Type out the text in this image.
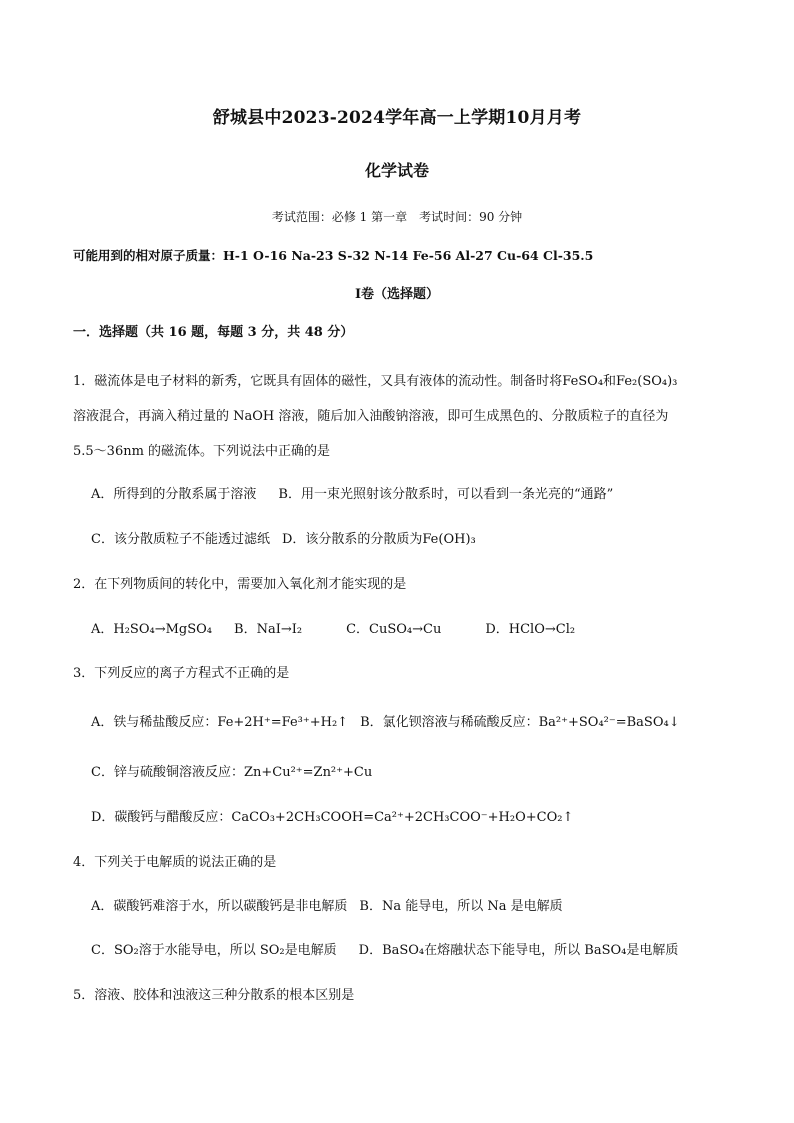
舒城县中2023-2024学年高一上学期10月月考
化学试卷
考试范围：必修 1 第一章　考试时间：90 分钟
可能用到的相对原子质量：H-1 O-16 Na-23 S-32 N-14 Fe-56 Al-27 Cu-64 Cl-35.5
Ⅰ卷（选择题）
一．选择题（共 16 题，每题 3 分，共 48 分）
1．磁流体是电子材料的新秀，它既具有固体的磁性，又具有液体的流动性。制备时将FeSO₄和Fe₂(SO₄)₃
溶液混合，再滴入稍过量的 NaOH 溶液，随后加入油酸钠溶液，即可生成黑色的、分散质粒子的直径为
5.5～36nm 的磁流体。下列说法中正确的是
A．所得到的分散系属于溶液 B．用一束光照射该分散系时，可以看到一条光亮的“通路”
C．该分散质粒子不能透过滤纸 D．该分散系的分散质为Fe(OH)₃
2．在下列物质间的转化中，需要加入氧化剂才能实现的是
A．H₂SO₄→MgSO₄ B．NaI→I₂	C．CuSO₄→Cu	D．HClO→Cl₂
3．下列反应的离子方程式不正确的是
A．铁与稀盐酸反应：Fe+2H⁺=Fe³⁺+H₂↑ B．氯化钡溶液与稀硫酸反应：Ba²⁺+SO₄²⁻=BaSO₄↓
C．锌与硫酸铜溶液反应：Zn+Cu²⁺=Zn²⁺+Cu
D．碳酸钙与醋酸反应：CaCO₃+2CH₃COOH=Ca²⁺+2CH₃COO⁻+H₂O+CO₂↑
4．下列关于电解质的说法正确的是
A．碳酸钙难溶于水，所以碳酸钙是非电解质 B．Na 能导电，所以 Na 是电解质
C．SO₂溶于水能导电，所以 SO₂是电解质 D．BaSO₄在熔融状态下能导电，所以 BaSO₄是电解质
5．溶液、胶体和浊液这三种分散系的根本区别是
